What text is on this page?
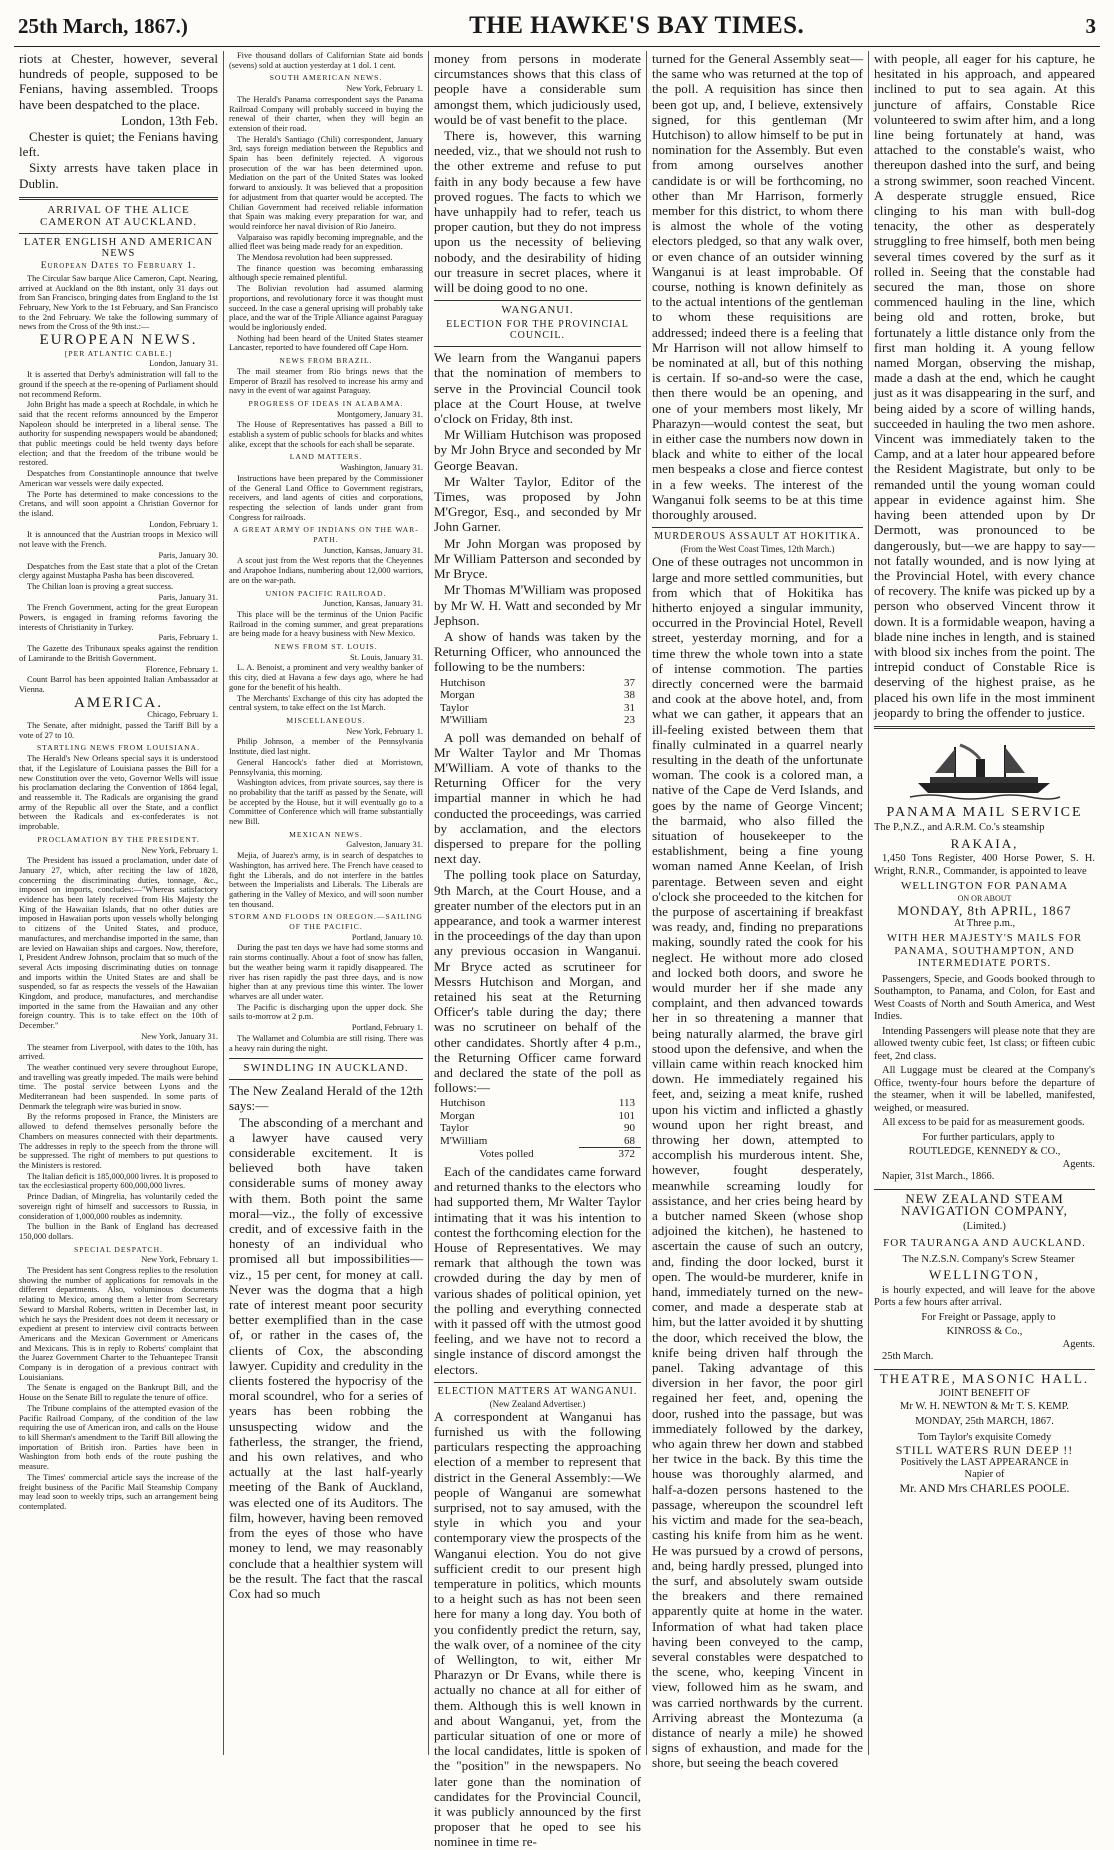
25th March, 1867.)	THE HAWKE'S BAY TIMES.	3

riots at Chester, however, several hundreds of people, supposed to be Fenians, having assembled. Troops have been despatched to the place.

London, 13th Feb.

Chester is quiet; the Fenians having left.

Sixty arrests have taken place in Dublin.

ARRIVAL OF THE ALICE CAMERON AT AUCKLAND.
LATER ENGLISH AND AMERICAN NEWS
European Dates to February 1.

The Circular Saw barque Alice Cameron, Capt. Nearing, arrived at Auckland on the 8th instant, only 31 days out from San Francisco, bringing dates from England to the 1st February, New York to the 1st February, and San Francisco to the 2nd February. We take the following summary of news from the Cross of the 9th inst.:—

EUROPEAN NEWS.
[PER ATLANTIC CABLE.]

London, January 31.

It is asserted that Derby's administration will fall to the ground if the speech at the re-opening of Parliament should not recommend Reform.

John Bright has made a speech at Rochdale, in which he said that the recent reforms announced by the Emperor Napoleon should be interpreted in a liberal sense. The authority for suspending newspapers would be abandoned; that public meetings could be held twenty days before election; and that the freedom of the tribune would be restored.

Despatches from Constantinople announce that twelve American war vessels were daily expected.

The Porte has determined to make concessions to the Cretans, and will soon appoint a Christian Governor for the island.

London, February 1.

It is announced that the Austrian troops in Mexico will not leave with the French.

Paris, January 30.

Despatches from the East state that a plot of the Cretan clergy against Mustapha Pasha has been discovered.

The Chilian loan is proving a great success.

Paris, January 31.

The French Government, acting for the great European Powers, is engaged in framing reforms favoring the interests of Christianity in Turkey.

Paris, February 1.

The Gazette des Tribunaux speaks against the rendition of Lamirande to the British Government.

Florence, February 1.

Count Barrol has been appointed Italian Ambassador at Vienna.

AMERICA.

Chicago, February 1.

The Senate, after midnight, passed the Tariff Bill by a vote of 27 to 10.

STARTLING NEWS FROM LOUISIANA.

The Herald's New Orleans special says it is understood that, if the Legislature of Louisiana passes the Bill for a new Constitution over the veto, Governor Wells will issue his proclamation declaring the Convention of 1864 legal, and reassemble it. The Radicals are organising the grand army of the Republic all over the State, and a conflict between the Radicals and ex-confederates is not improbable.

PROCLAMATION BY THE PRESIDENT.

New York, February 1.

The President has issued a proclamation, under date of January 27, which, after reciting the law of 1828, concerning the discriminating duties, tonnage, &c., imposed on imports, concludes:—"Whereas satisfactory evidence has been lately received from His Majesty the King of the Hawaiian Islands, that no other duties are imposed in Hawaiian ports upon vessels wholly belonging to citizens of the United States, and produce, manufactures, and merchandise imported in the same, than are levied on Hawaiian ships and cargoes. Now, therefore, I, President Andrew Johnson, proclaim that so much of the several Acts imposing discriminating duties on tonnage and imports within the United States are and shall be suspended, so far as respects the vessels of the Hawaiian Kingdom, and produce, manufactures, and merchandise imported in the same from the Hawaiian and any other foreign country. This is to take effect on the 10th of December."

New York, January 31.

The steamer from Liverpool, with dates to the 10th, has arrived.

The weather continued very severe throughout Europe, and travelling was greatly impeded. The mails were behind time. The postal service between Lyons and the Mediterranean had been suspended. In some parts of Denmark the telegraph wire was buried in snow.

By the reforms proposed in France, the Ministers are allowed to defend themselves personally before the Chambers on measures connected with their departments. The addresses in reply to the speech from the throne will be suppressed. The right of members to put questions to the Ministers is restored.

The Italian deficit is 185,000,000 livres. It is proposed to tax the ecclesiastical property 600,000,000 livres.

Prince Dadian, of Mingrelia, has voluntarily ceded the sovereign right of himself and successors to Russia, in consideration of 1,000,000 roubles as indemnity.

The bullion in the Bank of England has decreased 150,000 dollars.

SPECIAL DESPATCH.

New York, February 1.

The President has sent Congress replies to the resolution showing the number of applications for removals in the different departments. Also, voluminous documents relating to Mexico, among them a letter from Secretary Seward to Marshal Roberts, written in December last, in which he says the President does not deem it necessary or expedient at present to interview civil contracts between Americans and the Mexican Government or Americans and Mexicans. This is in reply to Roberts' complaint that the Juarez Government Charter to the Tehuantepec Transit Company is in derogation of a previous contract with Louisianians.

The Senate is engaged on the Bankrupt Bill, and the House on the Senate Bill to regulate the tenure of office.

The Tribune complains of the attempted evasion of the Pacific Railroad Company, of the condition of the law requiring the use of American iron, and calls on the House to kill Sherman's amendment to the Tariff Bill allowing the importation of British iron. Parties have been in Washington from both ends of the route pushing the measure.

The Times' commercial article says the increase of the freight business of the Pacific Mail Steamship Company may lead soon to weekly trips, such an arrangement being contemplated.

Five thousand dollars of Californian State aid bonds (sevens) sold at auction yesterday at 1 dol. 1 cent.

SOUTH AMERICAN NEWS.

New York, February 1.

The Herald's Panama correspondent says the Panama Railroad Company will probably succeed in buying the renewal of their charter, when they will begin an extension of their road.

The Herald's Santiago (Chili) correspondent, January 3rd, says foreign mediation between the Republics and Spain has been definitely rejected. A vigorous prosecution of the war has been determined upon. Mediation on the part of the United States was looked forward to anxiously. It was believed that a proposition for adjustment from that quarter would be accepted. The Chilian Government had received reliable information that Spain was making every preparation for war, and would reinforce her naval division of Rio Janeiro.

Valparaiso was rapidly becoming impregnable, and the allied fleet was being made ready for an expedition.

The Mendosa revolution had been suppressed.

The finance question was becoming embarassing although specie remained plentiful.

The Bolivian revolution had assumed alarming proportions, and revolutionary force it was thought must succeed. In the case a general uprising will probably take place, and the war of the Triple Alliance against Paraguay would be ingloriously ended.

Nothing had been heard of the United States steamer Lancaster, reported to have foundered off Cape Horn.

NEWS FROM BRAZIL.

The mail steamer from Rio brings news that the Emperor of Brazil has resolved to increase his army and navy in the event of war against Paraguay.

PROGRESS OF IDEAS IN ALABAMA.

Montgomery, January 31.

The House of Representatives has passed a Bill to establish a system of public schools for blacks and whites alike, except that the schools for each shall be separate.

LAND MATTERS.

Washington, January 31.

Instructions have been prepared by the Commissioner of the General Land Office to Government registrars, receivers, and land agents of cities and corporations, respecting the selection of lands under grant from Congress for railroads.

A GREAT ARMY OF INDIANS ON THE WAR-PATH.

Junction, Kansas, January 31.

A scout just from the West reports that the Cheyennes and Arapohoe Indians, numbering about 12,000 warriors, are on the war-path.

UNION PACIFIC RAILROAD.

Junction, Kansas, January 31.

This place will be the terminus of the Union Pacific Railroad in the coming summer, and great preparations are being made for a heavy business with New Mexico.

NEWS FROM ST. LOUIS.

St. Louis, January 31.

L. A. Benoist, a prominent and very wealthy banker of this city, died at Havana a few days ago, where he had gone for the benefit of his health.

The Merchants' Exchange of this city has adopted the central system, to take effect on the 1st March.

MISCELLANEOUS.

New York, February 1.

Philip Johnson, a member of the Pennsylvania Institute, died last night.

General Hancock's father died at Morristown, Pennsylvania, this morning.

Washington advices, from private sources, say there is no probability that the tariff as passed by the Senate, will be accepted by the House, but it will eventually go to a Committee of Conference which will frame substantially new Bill.

MEXICAN NEWS.

Galveston, January 31.

Mejia, of Juarez's army, is in search of despatches to Washington, has arrived here. The French have ceased to fight the Liberals, and do not interfere in the battles between the Imperialists and Liberals. The Liberals are gathering in the Valley of Mexico, and will soon number ten thousand.

STORM AND FLOODS IN OREGON.—SAILING OF THE PACIFIC.

Portland, January 10.

During the past ten days we have had some storms and rain storms continually. About a foot of snow has fallen, but the weather being warm it rapidly disappeared. The river has risen rapidly the past three days, and is now higher than at any previous time this winter. The lower wharves are all under water.

The Pacific is discharging upon the upper dock. She sails to-morrow at 2 p.m.

Portland, February 1.

The Wallamet and Columbia are still rising. There was a heavy rain during the night.

SWINDLING IN AUCKLAND.

The New Zealand Herald of the 12th says:—

The absconding of a merchant and a lawyer have caused very considerable excitement. It is believed both have taken considerable sums of money away with them. Both point the same moral—viz., the folly of excessive credit, and of excessive faith in the honesty of an individual who promised all but impossibilities—viz., 15 per cent, for money at call. Never was the dogma that a high rate of interest meant poor security better exemplified than in the case of, or rather in the cases of, the clients of Cox, the absconding lawyer. Cupidity and credulity in the clients fostered the hypocrisy of the moral scoundrel, who for a series of years has been robbing the unsuspecting widow and the fatherless, the stranger, the friend, and his own relatives, and who actually at the last half-yearly meeting of the Bank of Auckland, was elected one of its Auditors. The film, however, having been removed from the eyes of those who have money to lend, we may reasonably conclude that a healthier system will be the result. The fact that the rascal Cox had so much

money from persons in moderate circumstances shows that this class of people have a considerable sum amongst them, which judiciously used, would be of vast benefit to the place.

There is, however, this warning needed, viz., that we should not rush to the other extreme and refuse to put faith in any body because a few have proved rogues. The facts to which we have unhappily had to refer, teach us proper caution, but they do not impress upon us the necessity of believing nobody, and the desirability of hiding our treasure in secret places, where it will be doing good to no one.

WANGANUI.
ELECTION FOR THE PROVINCIAL COUNCIL.

We learn from the Wanganui papers that the nomination of members to serve in the Provincial Council took place at the Court House, at twelve o'clock on Friday, 8th inst.

Mr William Hutchison was proposed by Mr John Bryce and seconded by Mr George Beavan.

Mr Walter Taylor, Editor of the Times, was proposed by John M'Gregor, Esq., and seconded by Mr John Garner.

Mr John Morgan was proposed by Mr William Patterson and seconded by Mr Bryce.

Mr Thomas M'William was proposed by Mr W. H. Watt and seconded by Mr Jephson.

A show of hands was taken by the Returning Officer, who announced the following to be the numbers:

Hutchison	37
Morgan	38
Taylor	31
M'William	23

A poll was demanded on behalf of Mr Walter Taylor and Mr Thomas M'William. A vote of thanks to the Returning Officer for the very impartial manner in which he had conducted the proceedings, was carried by acclamation, and the electors dispersed to prepare for the polling next day.

The polling took place on Saturday, 9th March, at the Court House, and a greater number of the electors put in an appearance, and took a warmer interest in the proceedings of the day than upon any previous occasion in Wanganui. Mr Bryce acted as scrutineer for Messrs Hutchison and Morgan, and retained his seat at the Returning Officer's table during the day; there was no scrutineer on behalf of the other candidates. Shortly after 4 p.m., the Returning Officer came forward and declared the state of the poll as follows:—

Hutchison	113
Morgan	101
Taylor	90
M'William	68
Votes polled	372

Each of the candidates came forward and returned thanks to the electors who had supported them, Mr Walter Taylor intimating that it was his intention to contest the forthcoming election for the House of Representatives. We may remark that although the town was crowded during the day by men of various shades of political opinion, yet the polling and everything connected with it passed off with the utmost good feeling, and we have not to record a single instance of discord amongst the electors.

ELECTION MATTERS AT WANGANUI.
(New Zealand Advertiser.)

A correspondent at Wanganui has furnished us with the following particulars respecting the approaching election of a member to represent that district in the General Assembly:—We people of Wanganui are somewhat surprised, not to say amused, with the style in which you and your contemporary view the prospects of the Wanganui election. You do not give sufficient credit to our present high temperature in politics, which mounts to a height such as has not been seen here for many a long day. You both of you confidently predict the return, say, the walk over, of a nominee of the city of Wellington, to wit, either Mr Pharazyn or Dr Evans, while there is actually no chance at all for either of them. Although this is well known in and about Wanganui, yet, from the particular situation of one or more of the local candidates, little is spoken of the "position" in the newspapers. No later gone than the nomination of candidates for the Provincial Council, it was publicly announced by the first proposer that he oped to see his nominee in time re-

turned for the General Assembly seat—the same who was returned at the top of the poll. A requisition has since then been got up, and, I believe, extensively signed, for this gentleman (Mr Hutchison) to allow himself to be put in nomination for the Assembly. But even from among ourselves another candidate is or will be forthcoming, no other than Mr Harrison, formerly member for this district, to whom there is almost the whole of the voting electors pledged, so that any walk over, or even chance of an outsider winning Wanganui is at least improbable. Of course, nothing is known definitely as to the actual intentions of the gentleman to whom these requisitions are addressed; indeed there is a feeling that Mr Harrison will not allow himself to be nominated at all, but of this nothing is certain. If so-and-so were the case, then there would be an opening, and one of your members most likely, Mr Pharazyn—would contest the seat, but in either case the numbers now down in black and white to either of the local men bespeaks a close and fierce contest in a few weeks. The interest of the Wanganui folk seems to be at this time thoroughly aroused.

MURDEROUS ASSAULT AT HOKITIKA.
(From the West Coast Times, 12th March.)

One of these outrages not uncommon in large and more settled communities, but from which that of Hokitika has hitherto enjoyed a singular immunity, occurred in the Provincial Hotel, Revell street, yesterday morning, and for a time threw the whole town into a state of intense commotion. The parties directly concerned were the barmaid and cook at the above hotel, and, from what we can gather, it appears that an ill-feeling existed between them that finally culminated in a quarrel nearly resulting in the death of the unfortunate woman. The cook is a colored man, a native of the Cape de Verd Islands, and goes by the name of George Vincent; the barmaid, who also filled the situation of housekeeper to the establishment, being a fine young woman named Anne Keelan, of Irish parentage. Between seven and eight o'clock she proceeded to the kitchen for the purpose of ascertaining if breakfast was ready, and, finding no preparations making, soundly rated the cook for his neglect. He without more ado closed and locked both doors, and swore he would murder her if she made any complaint, and then advanced towards her in so threatening a manner that being naturally alarmed, the brave girl stood upon the defensive, and when the villain came within reach knocked him down. He immediately regained his feet, and, seizing a meat knife, rushed upon his victim and inflicted a ghastly wound upon her right breast, and throwing her down, attempted to accomplish his murderous intent. She, however, fought desperately, meanwhile screaming loudly for assistance, and her cries being heard by a butcher named Skeen (whose shop adjoined the kitchen), he hastened to ascertain the cause of such an outcry, and, finding the door locked, burst it open. The would-be murderer, knife in hand, immediately turned on the new-comer, and made a desperate stab at him, but the latter avoided it by shutting the door, which received the blow, the knife being driven half through the panel. Taking advantage of this diversion in her favor, the poor girl regained her feet, and, opening the door, rushed into the passage, but was immediately followed by the darkey, who again threw her down and stabbed her twice in the back. By this time the house was thoroughly alarmed, and half-a-dozen persons hastened to the passage, whereupon the scoundrel left his victim and made for the sea-beach, casting his knife from him as he went. He was pursued by a crowd of persons, and, being hardly pressed, plunged into the surf, and absolutely swam outside the breakers and there remained apparently quite at home in the water. Information of what had taken place having been conveyed to the camp, several constables were despatched to the scene, who, keeping Vincent in view, followed him as he swam, and was carried northwards by the current. Arriving abreast the Montezuma (a distance of nearly a mile) he showed signs of exhaustion, and made for the shore, but seeing the beach covered

with people, all eager for his capture, he hesitated in his approach, and appeared inclined to put to sea again. At this juncture of affairs, Constable Rice volunteered to swim after him, and a long line being fortunately at hand, was attached to the constable's waist, who thereupon dashed into the surf, and being a strong swimmer, soon reached Vincent. A desperate struggle ensued, Rice clinging to his man with bull-dog tenacity, the other as desperately struggling to free himself, both men being several times covered by the surf as it rolled in. Seeing that the constable had secured the man, those on shore commenced hauling in the line, which being old and rotten, broke, but fortunately a little distance only from the first man holding it. A young fellow named Morgan, observing the mishap, made a dash at the end, which he caught just as it was disappearing in the surf, and being aided by a score of willing hands, succeeded in hauling the two men ashore. Vincent was immediately taken to the Camp, and at a later hour appeared before the Resident Magistrate, but only to be remanded until the young woman could appear in evidence against him. She having been attended upon by Dr Dermott, was pronounced to be dangerously, but—we are happy to say—not fatally wounded, and is now lying at the Provincial Hotel, with every chance of recovery. The knife was picked up by a person who observed Vincent throw it down. It is a formidable weapon, having a blade nine inches in length, and is stained with blood six inches from the point. The intrepid conduct of Constable Rice is deserving of the highest praise, as he placed his own life in the most imminent jeopardy to bring the offender to justice.

PANAMA MAIL SERVICE

The P.,N.Z., and A.R.M. Co.'s steamship

RAKAIA,

1,450 Tons Register, 400 Horse Power, S. H. Wright, R.N.R., Commander, is appointed to leave

WELLINGTON FOR PANAMA
ON OR ABOUT
MONDAY, 8th APRIL, 1867
At Three p.m.,
WITH HER MAJESTY'S MAILS FOR PANAMA, SOUTHAMPTON, AND INTERMEDIATE PORTS.

Passengers, Specie, and Goods booked through to Southampton, to Panama, and Colon, for East and West Coasts of North and South America, and West Indies.

Intending Passengers will please note that they are allowed twenty cubic feet, 1st class; or fifteen cubic feet, 2nd class.

All Luggage must be cleared at the Company's Office, twenty-four hours before the departure of the steamer, when it will be labelled, manifested, weighed, or measured.

All excess to be paid for as measurement goods.

For further particulars, apply to

ROUTLEDGE, KENNEDY & CO.,
Agents.

Napier, 31st March., 1866.

NEW ZEALAND STEAM NAVIGATION COMPANY,
(Limited.)
FOR TAURANGA AND AUCKLAND.

The N.Z.S.N. Company's Screw Steamer

WELLINGTON,

is hourly expected, and will leave for the above Ports a few hours after arrival.

For Freight or Passage, apply to

KINROSS & Co.,
Agents.

25th March.

THEATRE, MASONIC HALL.
JOINT BENEFIT OF
Mr W. H. NEWTON & Mr T. S. KEMP.
MONDAY, 25th MARCH, 1867.
Tom Taylor's exquisite Comedy
STILL WATERS RUN DEEP !!
Positively the LAST APPEARANCE in
Napier of
Mr. AND Mrs CHARLES POOLE.
